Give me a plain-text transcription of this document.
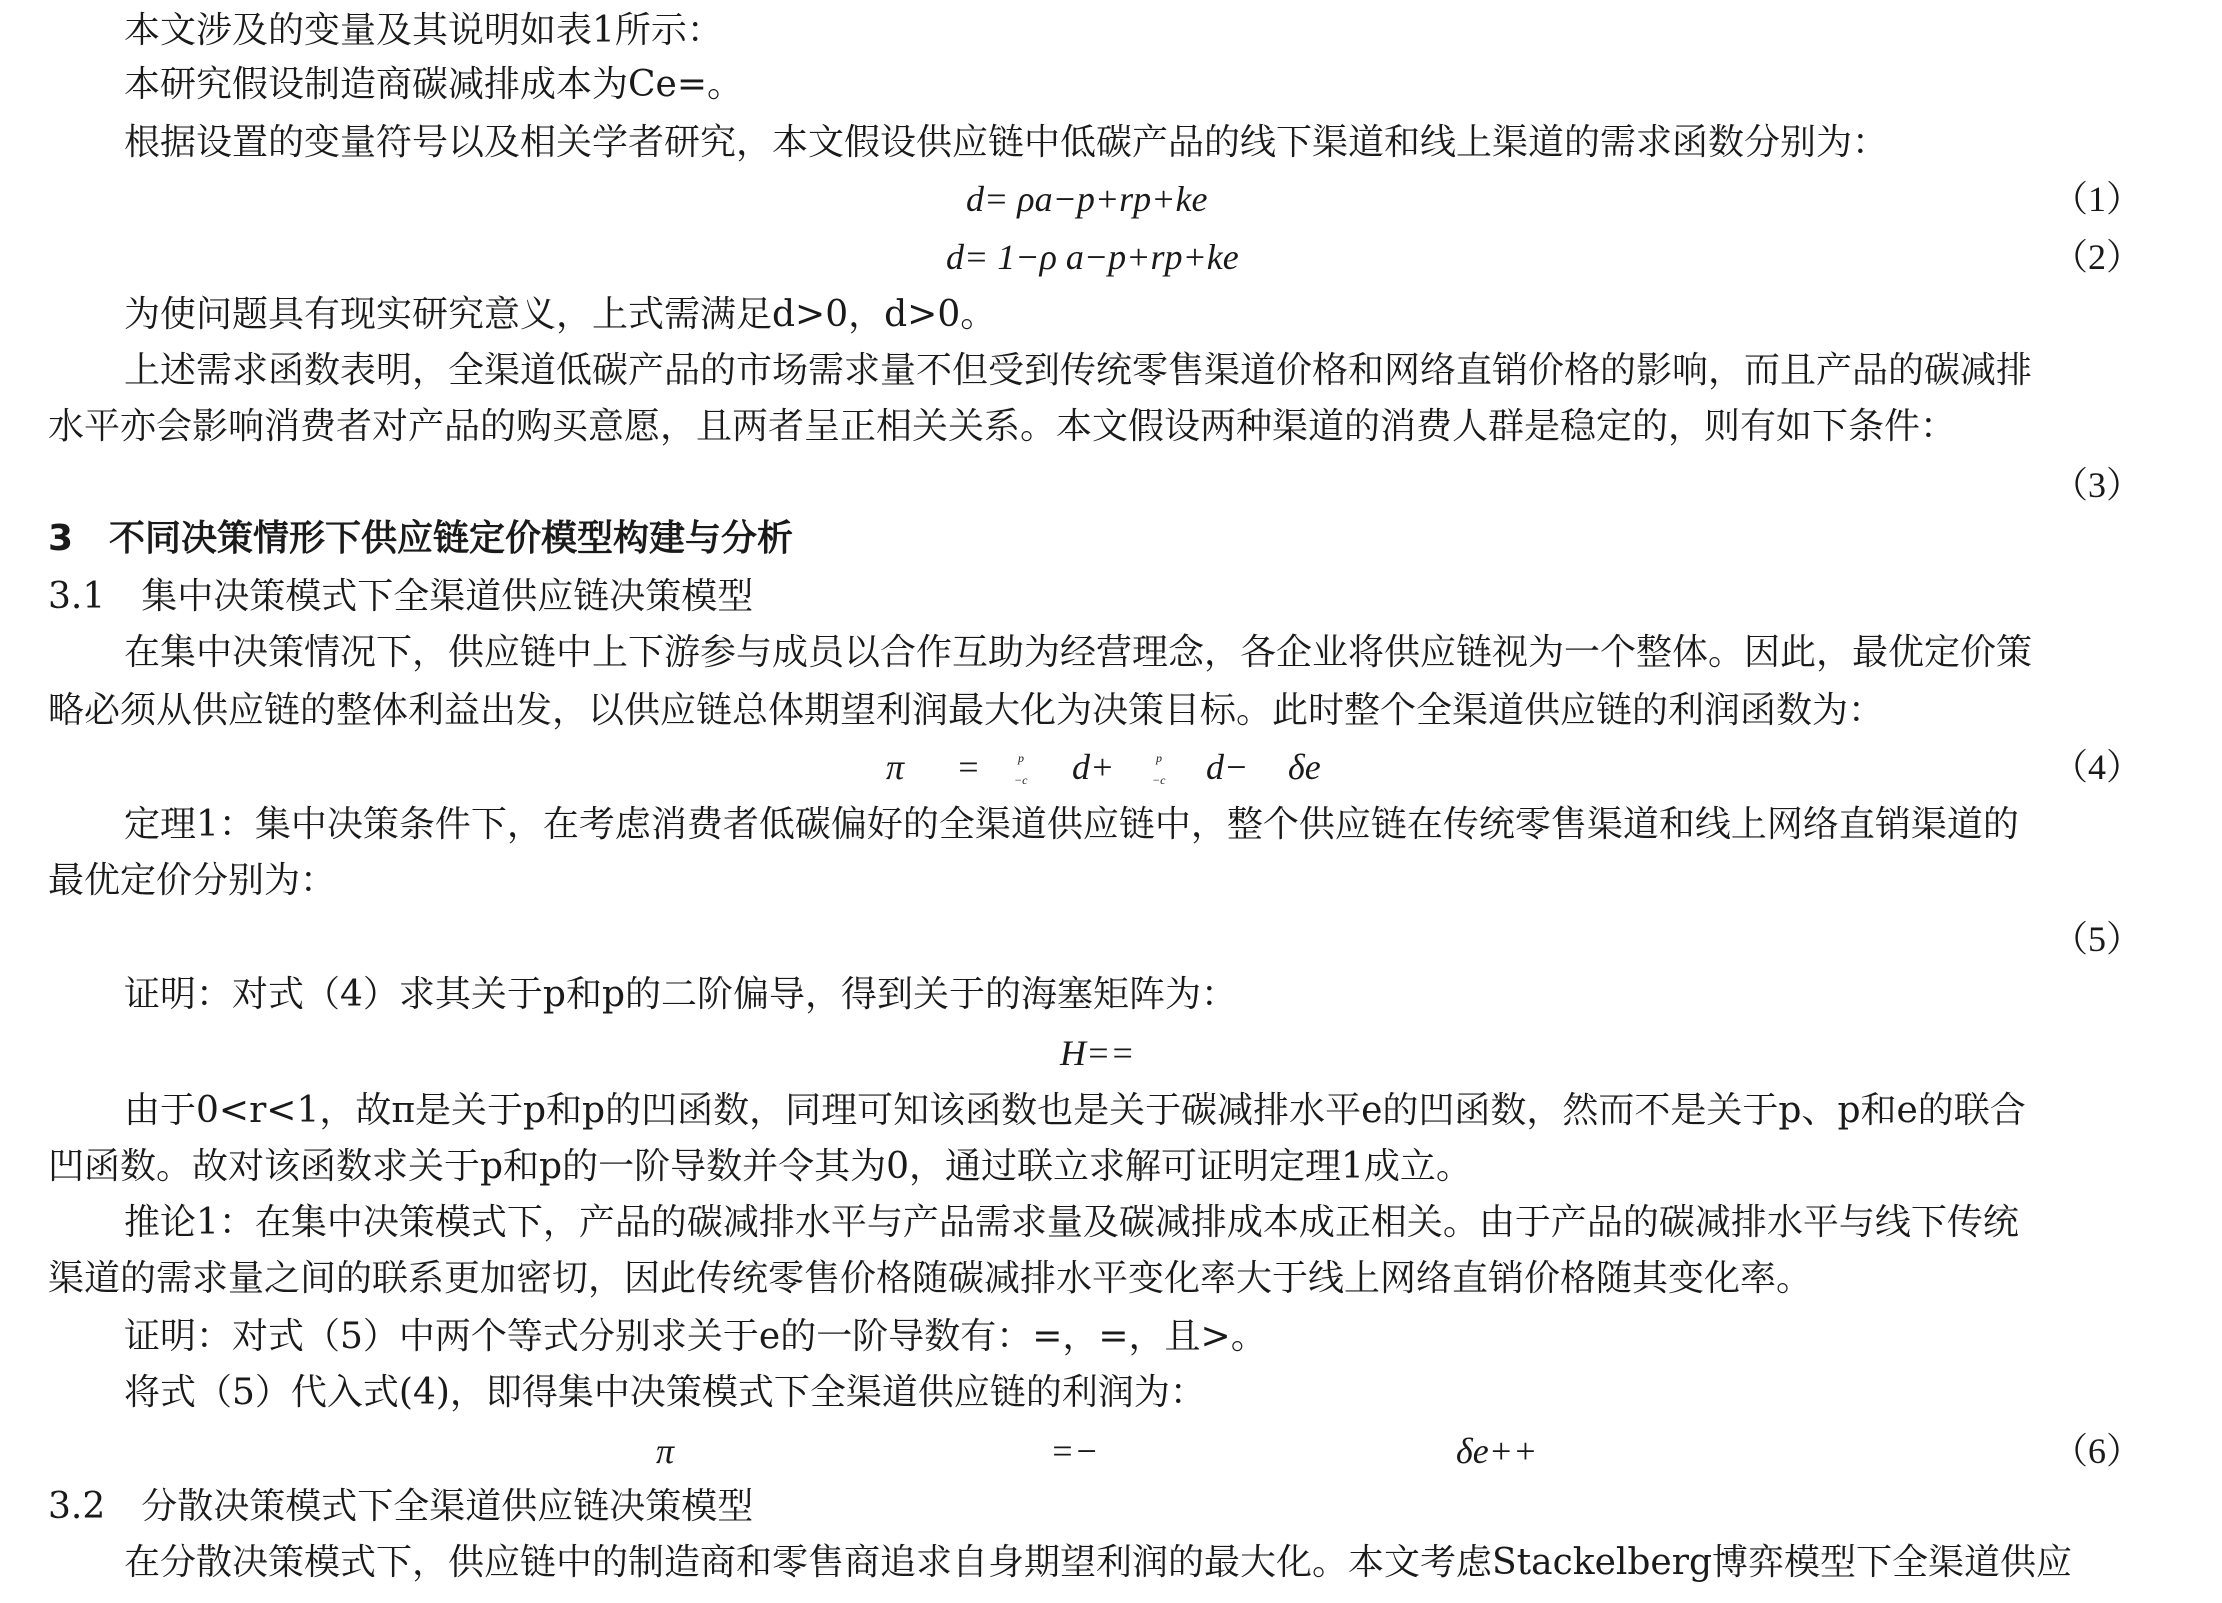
本文涉及的变量及其说明如表1所示：
本研究假设制造商碳减排成本为Ce=。
根据设置的变量符号以及相关学者研究，本文假设供应链中低碳产品的线下渠道和线上渠道的需求函数分别为：
d= ρa−p+rp+ke	（1）
d= 1−ρ a−p+rp+ke	（2）
为使问题具有现实研究意义，上式需满足d>0，d>0。
上述需求函数表明，全渠道低碳产品的市场需求量不但受到传统零售渠道价格和网络直销价格的影响，而且产品的碳减排
水平亦会影响消费者对产品的购买意愿，且两者呈正相关关系。本文假设两种渠道的消费人群是稳定的，则有如下条件：
（3）
3　不同决策情形下供应链定价模型构建与分析
3.1　集中决策模式下全渠道供应链决策模型
在集中决策情况下，供应链中上下游参与成员以合作互助为经营理念，各企业将供应链视为一个整体。因此，最优定价策
略必须从供应链的整体利益出发，以供应链总体期望利润最大化为决策目标。此时整个全渠道供应链的利润函数为：
π =	p
−c d+	p
−c d− δe	（4）
定理1：集中决策条件下，在考虑消费者低碳偏好的全渠道供应链中，整个供应链在传统零售渠道和线上网络直销渠道的
最优定价分别为：
（5）
证明：对式（4）求其关于p和p的二阶偏导，得到关于的海塞矩阵为：
H==
由于0<r<1，故π是关于p和p的凹函数，同理可知该函数也是关于碳减排水平e的凹函数，然而不是关于p、p和e的联合
凹函数。故对该函数求关于p和p的一阶导数并令其为0，通过联立求解可证明定理1成立。
推论1：在集中决策模式下，产品的碳减排水平与产品需求量及碳减排成本成正相关。由于产品的碳减排水平与线下传统
渠道的需求量之间的联系更加密切，因此传统零售价格随碳减排水平变化率大于线上网络直销价格随其变化率。
证明：对式（5）中两个等式分别求关于e的一阶导数有：=，=，且>。
将式（5）代入式(4)，即得集中决策模式下全渠道供应链的利润为：
π	=−	δe++	（6）
3.2　分散决策模式下全渠道供应链决策模型
在分散决策模式下，供应链中的制造商和零售商追求自身期望利润的最大化。本文考虑Stackelberg博弈模型下全渠道供应
